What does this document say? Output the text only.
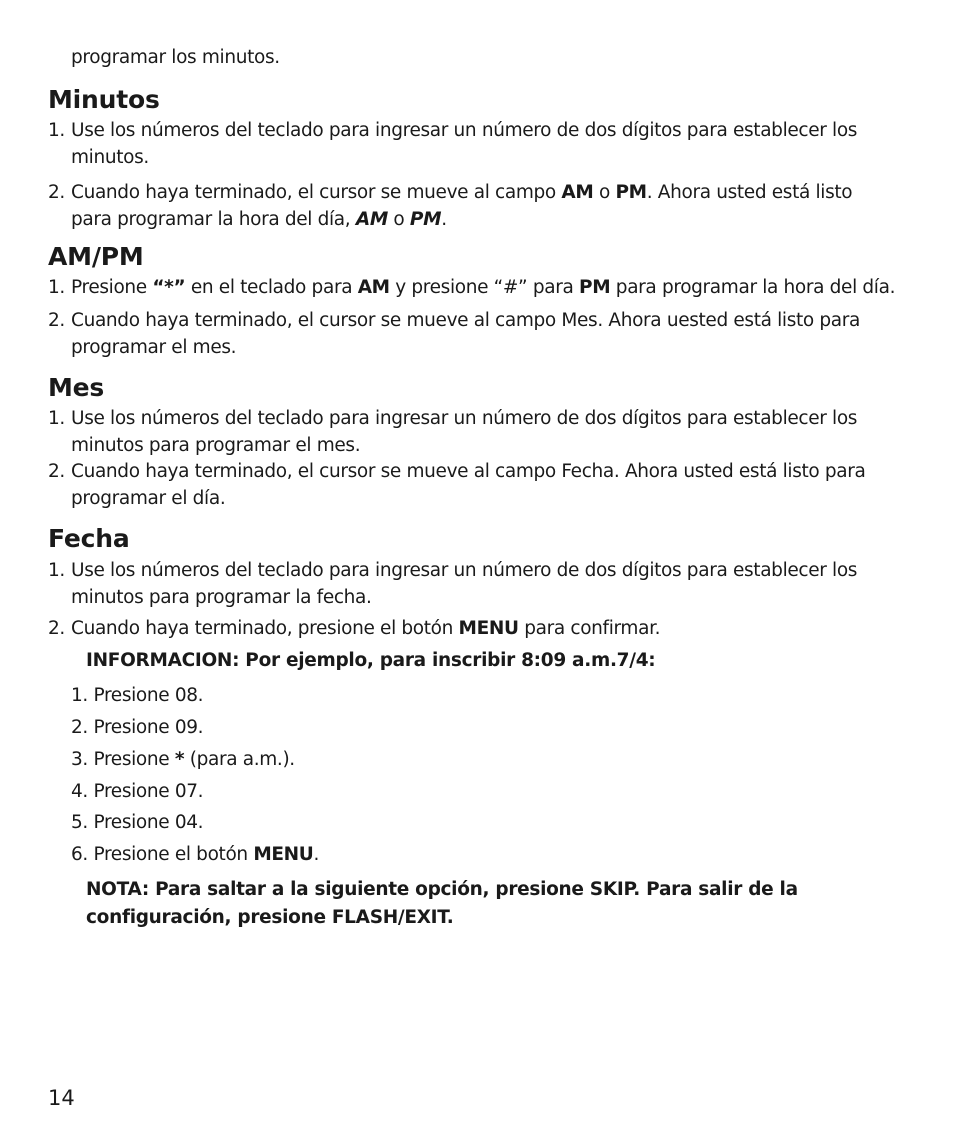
programar los minutos.
Minutos
1. Use los números del teclado para ingresar un número de dos dígitos para establecer los
minutos.
2. Cuando haya terminado, el cursor se mueve al campo AM o PM. Ahora usted está listo
para programar la hora del día, AM o PM.
AM/PM
1. Presione “*” en el teclado para AM y presione “#” para PM para programar la hora del día.
2. Cuando haya terminado, el cursor se mueve al campo Mes. Ahora uested está listo para
programar el mes.
Mes
1. Use los números del teclado para ingresar un número de dos dígitos para establecer los
minutos para programar el mes.
2. Cuando haya terminado, el cursor se mueve al campo Fecha. Ahora usted está listo para
programar el día.
Fecha
1. Use los números del teclado para ingresar un número de dos dígitos para establecer los
minutos para programar la fecha.
2. Cuando haya terminado, presione el botón MENU para confirmar.
INFORMACION: Por ejemplo, para inscribir 8:09 a.m.7/4:
1. Presione 08.
2. Presione 09.
3. Presione * (para a.m.).
4. Presione 07.
5. Presione 04.
6. Presione el botón MENU.
NOTA: Para saltar a la siguiente opción, presione SKIP. Para salir de la
configuración, presione FLASH/EXIT.
14
